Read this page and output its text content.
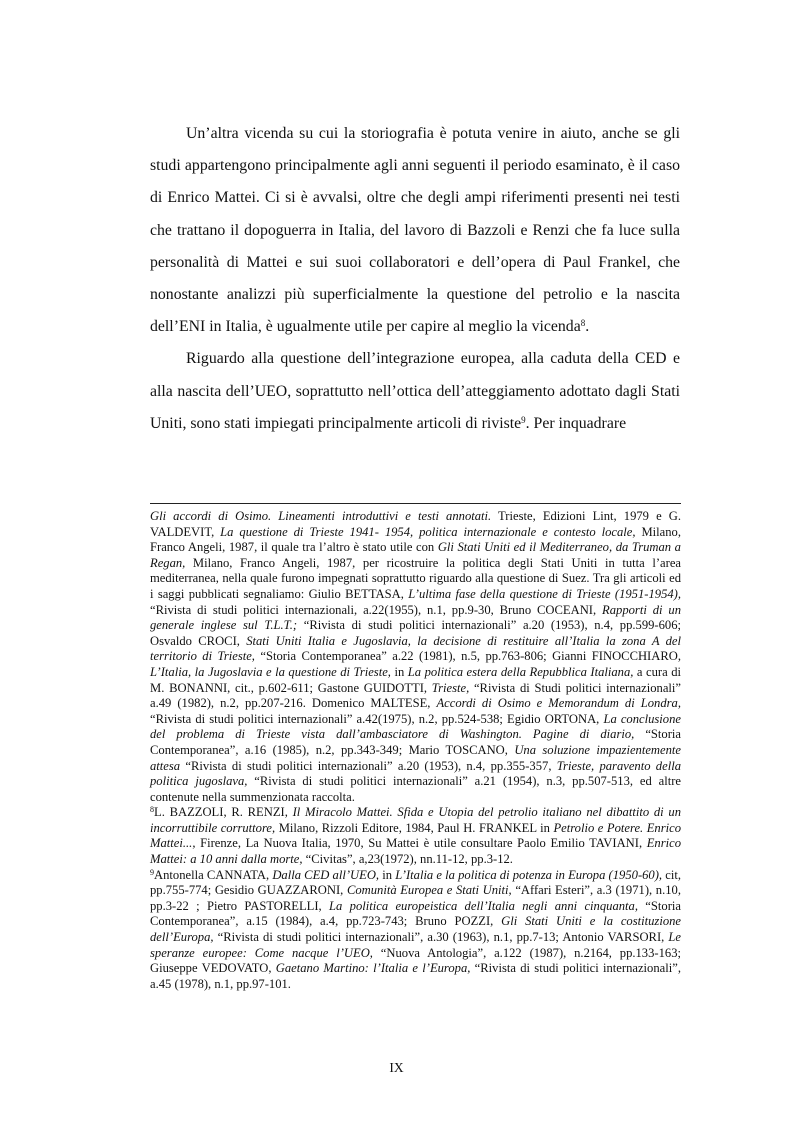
Un’altra vicenda su cui la storiografia è potuta venire in aiuto, anche se gli studi appartengono principalmente agli anni seguenti il periodo esaminato, è il caso di Enrico Mattei. Ci si è avvalsi, oltre che degli ampi riferimenti presenti nei testi che trattano il dopoguerra in Italia, del lavoro di Bazzoli e Renzi che fa luce sulla personalità di Mattei e sui suoi collaboratori e dell’opera di Paul Frankel, che nonostante analizzi più superficialmente la questione del petrolio e la nascita dell’ENI in Italia, è ugualmente utile per capire al meglio la vicenda$^8$.

Riguardo alla questione dell’integrazione europea, alla caduta della CED e alla nascita dell’UEO, soprattutto nell’ottica dell’atteggiamento adottato dagli Stati Uniti, sono stati impiegati principalmente articoli di riviste$^9$. Per inquadrare

Gli accordi di Osimo. Lineamenti introduttivi e testi annotati. Trieste, Edizioni Lint, 1979 e G. VALDEVIT, La questione di Trieste 1941- 1954, politica internazionale e contesto locale, Milano, Franco Angeli, 1987, il quale tra l’altro è stato utile con Gli Stati Uniti ed il Mediterraneo, da Truman a Regan, Milano, Franco Angeli, 1987, per ricostruire la politica degli Stati Uniti in tutta l’area mediterranea, nella quale furono impegnati soprattutto riguardo alla questione di Suez. Tra gli articoli ed i saggi pubblicati segnaliamo: Giulio BETTASA, L’ultima fase della questione di Trieste (1951-1954), “Rivista di studi politici internazionali, a.22(1955), n.1, pp.9-30, Bruno COCEANI, Rapporti di un generale inglese sul T.L.T.; “Rivista di studi politici internazionali” a.20 (1953), n.4, pp.599-606; Osvaldo CROCI, Stati Uniti Italia e Jugoslavia, la decisione di restituire all’Italia la zona A del territorio di Trieste, “Storia Contemporanea” a.22 (1981), n.5, pp.763-806; Gianni FINOCCHIARO, L’Italia, la Jugoslavia e la questione di Trieste, in La politica estera della Repubblica Italiana, a cura di M. BONANNI, cit., p.602-611; Gastone GUIDOTTI, Trieste, “Rivista di Studi politici internazionali” a.49 (1982), n.2, pp.207-216. Domenico MALTESE, Accordi di Osimo e Memorandum di Londra, “Rivista di studi politici internazionali” a.42(1975), n.2, pp.524-538; Egidio ORTONA, La conclusione del problema di Trieste vista dall’ambasciatore di Washington. Pagine di diario, “Storia Contemporanea”, a.16 (1985), n.2, pp.343-349; Mario TOSCANO, Una soluzione impazientemente attesa “Rivista di studi politici internazionali” a.20 (1953), n.4, pp.355-357, Trieste, paravento della politica jugoslava, “Rivista di studi politici internazionali” a.21 (1954), n.3, pp.507-513, ed altre contenute nella summenzionata raccolta.

$^8$L. BAZZOLI, R. RENZI, Il Miracolo Mattei. Sfida e Utopia del petrolio italiano nel dibattito di un incorruttibile corruttore, Milano, Rizzoli Editore, 1984, Paul H. FRANKEL in Petrolio e Potere. Enrico Mattei..., Firenze, La Nuova Italia, 1970, Su Mattei è utile consultare Paolo Emilio TAVIANI, Enrico Mattei: a 10 anni dalla morte, “Civitas”, a,23(1972), nn.11-12, pp.3-12.

$^9$Antonella CANNATA, Dalla CED all’UEO, in L’Italia e la politica di potenza in Europa (1950-60), cit, pp.755-774; Gesidio GUAZZARONI, Comunità Europea e Stati Uniti, “Affari Esteri”, a.3 (1971), n.10, pp.3-22 ; Pietro PASTORELLI, La politica europeistica dell’Italia negli anni cinquanta, “Storia Contemporanea”, a.15 (1984), a.4, pp.723-743; Bruno POZZI, Gli Stati Uniti e la costituzione dell’Europa, “Rivista di studi politici internazionali”, a.30 (1963), n.1, pp.7-13; Antonio VARSORI, Le speranze europee: Come nacque l’UEO, “Nuova Antologia”, a.122 (1987), n.2164, pp.133-163; Giuseppe VEDOVATO, Gaetano Martino: l’Italia e l’Europa, “Rivista di studi politici internazionali”, a.45 (1978), n.1, pp.97-101.

IX
